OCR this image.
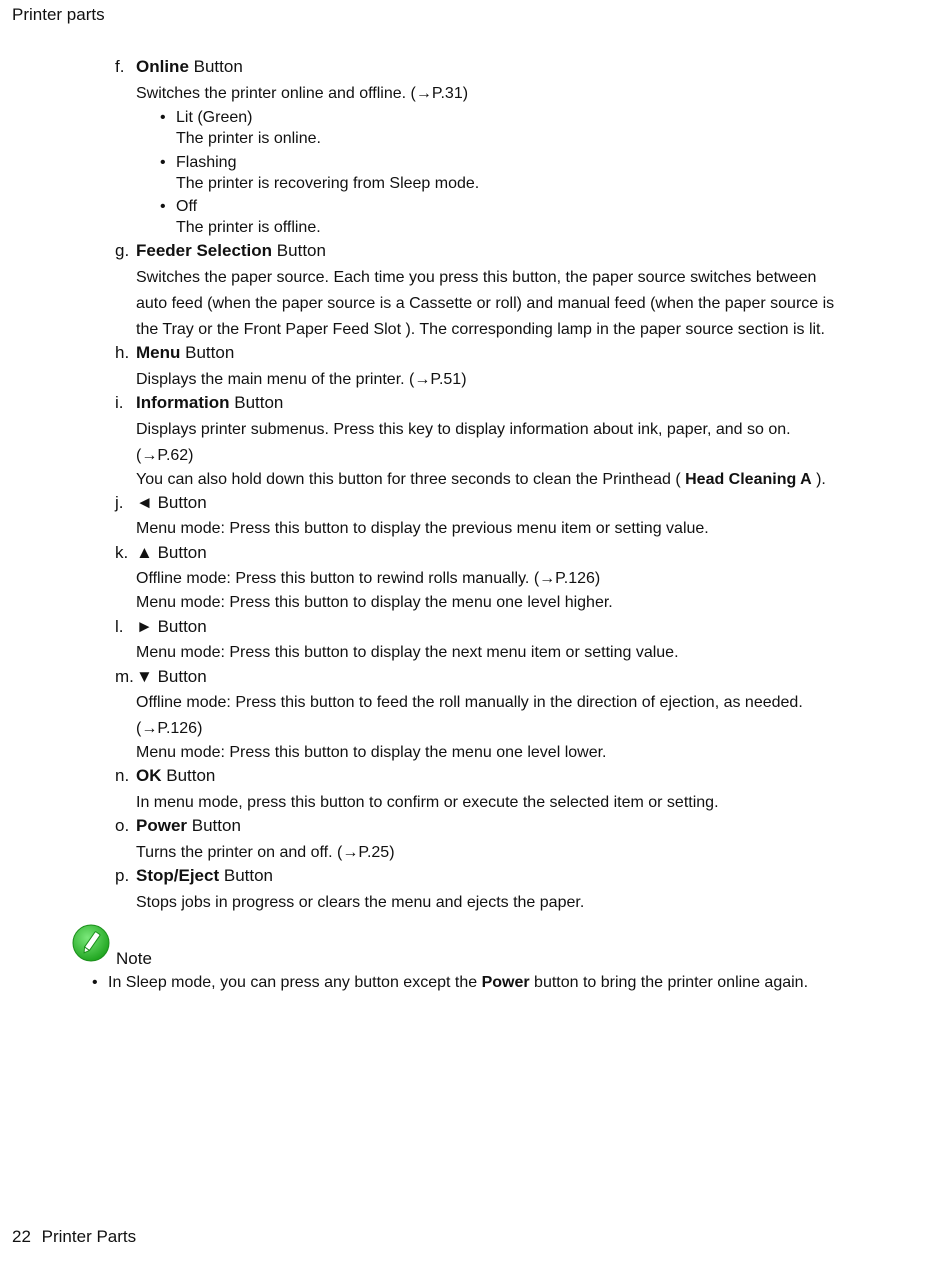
Printer parts
f. Online Button
Switches the printer online and offline. (→P.31)
• Lit (Green)
The printer is online.
• Flashing
The printer is recovering from Sleep mode.
• Off
The printer is offline.
g. Feeder Selection Button
Switches the paper source. Each time you press this button, the paper source switches between
auto feed (when the paper source is a Cassette or roll) and manual feed (when the paper source is
the Tray or the Front Paper Feed Slot ). The corresponding lamp in the paper source section is lit.
h. Menu Button
Displays the main menu of the printer. (→P.51)
i. Information Button
Displays printer submenus. Press this key to display information about ink, paper, and so on.
(→P.62)
You can also hold down this button for three seconds to clean the Printhead ( Head Cleaning A ).
j. ◄ Button
Menu mode: Press this button to display the previous menu item or setting value.
k. ▲ Button
Offline mode: Press this button to rewind rolls manually. (→P.126)
Menu mode: Press this button to display the menu one level higher.
l. ► Button
Menu mode: Press this button to display the next menu item or setting value.
m. ▼ Button
Offline mode: Press this button to feed the roll manually in the direction of ejection, as needed.
(→P.126)
Menu mode: Press this button to display the menu one level lower.
n. OK Button
In menu mode, press this button to confirm or execute the selected item or setting.
o. Power Button
Turns the printer on and off. (→P.25)
p. Stop/Eject Button
Stops jobs in progress or clears the menu and ejects the paper.
Note
• In Sleep mode, you can press any button except the Power button to bring the printer online again.
22 Printer Parts
